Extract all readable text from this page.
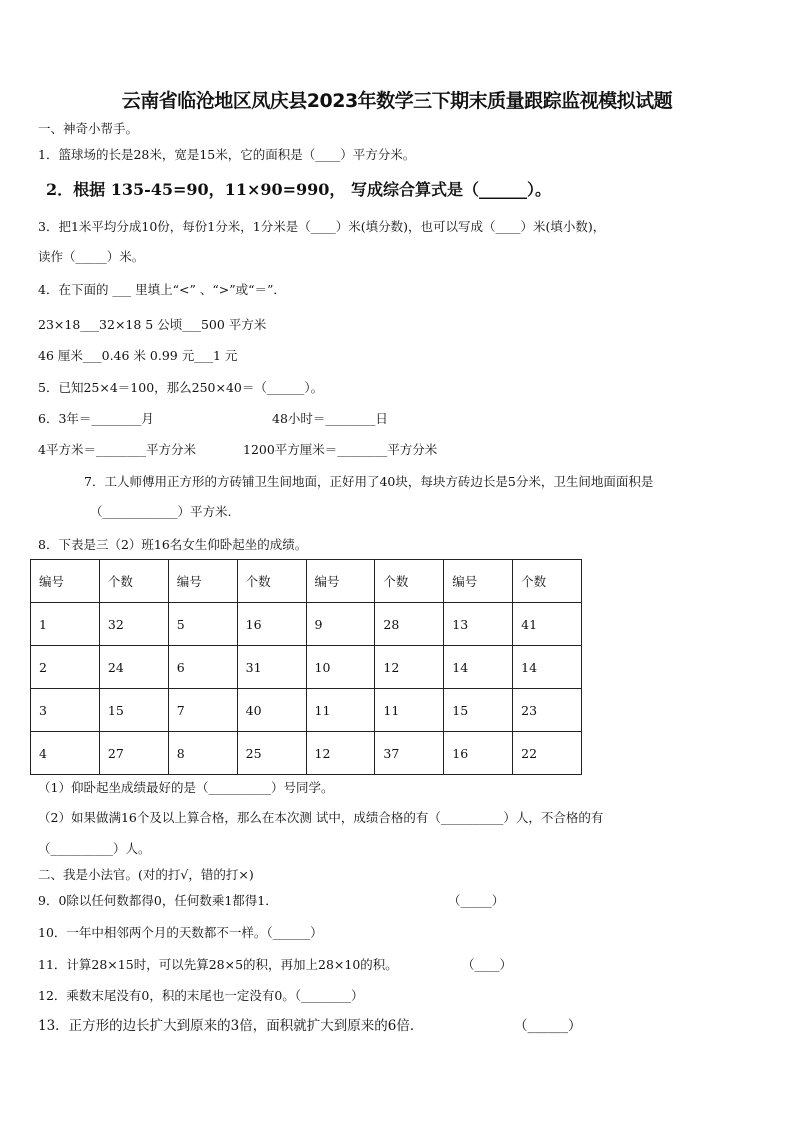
云南省临沧地区凤庆县2023年数学三下期末质量跟踪监视模拟试题
一、神奇小帮手。
1．篮球场的长是28米，宽是15米，它的面积是（____）平方分米。
2．根据 135-45=90，11×90=990， 写成综合算式是（______）。
3．把1米平均分成10份，每份1分米，1分米是（____）米(填分数)，也可以写成（____）米(填小数)，
读作（_____）米。
4．在下面的 ___ 里填上“<” 、“>”或“＝”．
23×18___32×18 5 公顷___500 平方米
46 厘米___0.46 米 0.99 元___1 元
5．已知25×4＝100，那么250×40＝（______）。
6．3年＝________月	48小时＝________日
4平方米＝________平方分米	1200平方厘米＝________平方分米
7．工人师傅用正方形的方砖铺卫生间地面，正好用了40块，每块方砖边长是5分米，卫生间地面面积是
（____________）平方米.
8．下表是三（2）班16名女生仰卧起坐的成绩。
编号	个数	编号	个数	编号	个数	编号	个数
1	32	5	16	9	28	13	41
2	24	6	31	10	12	14	14
3	15	7	40	11	11	15	23
4	27	8	25	12	37	16	22
（1）仰卧起坐成绩最好的是（__________）号同学。
（2）如果做满16个及以上算合格，那么在本次测 试中，成绩合格的有（__________）人，不合格的有
（__________）人。
二、我是小法官。(对的打√，错的打×)
9．0除以任何数都得0，任何数乘1都得1．	（_____）
10．一年中相邻两个月的天数都不一样。（______）
11．计算28×15时，可以先算28×5的积，再加上28×10的积。	（____）
12．乘数末尾没有0，积的末尾也一定没有0。（________）
13．正方形的边长扩大到原来的3倍，面积就扩大到原来的6倍．	（______）
